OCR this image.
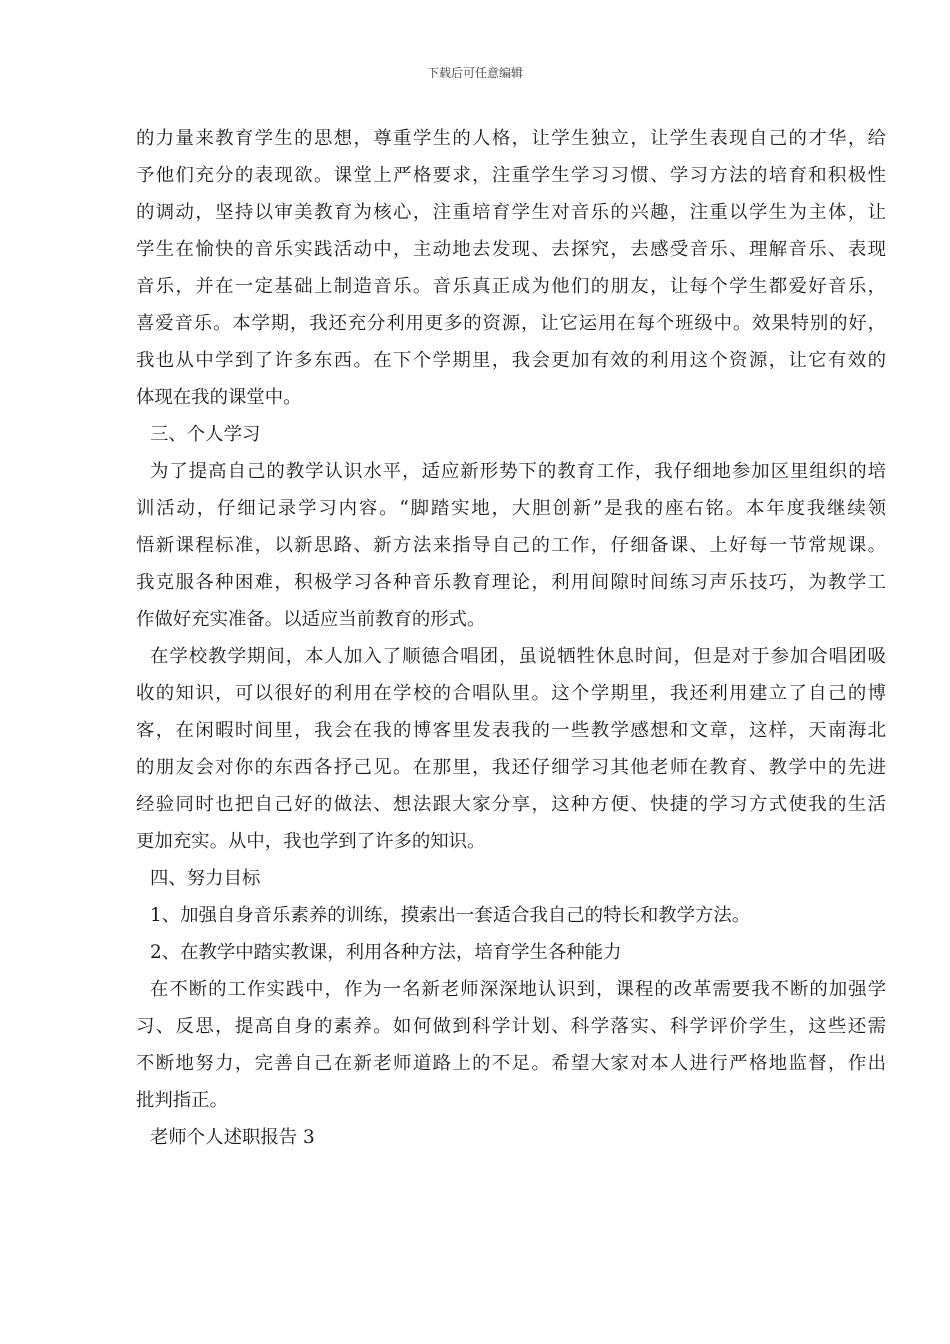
下载后可任意编辑
的力量来教育学生的思想，尊重学生的人格，让学生独立，让学生表现自己的才华，给
予他们充分的表现欲。课堂上严格要求，注重学生学习习惯、学习方法的培育和积极性
的调动，坚持以审美教育为核心，注重培育学生对音乐的兴趣，注重以学生为主体，让
学生在愉快的音乐实践活动中，主动地去发现、去探究，去感受音乐、理解音乐、表现
音乐，并在一定基础上制造音乐。音乐真正成为他们的朋友，让每个学生都爱好音乐，
喜爱音乐。本学期，我还充分利用更多的资源，让它运用在每个班级中。效果特别的好，
我也从中学到了许多东西。在下个学期里，我会更加有效的利用这个资源，让它有效的
体现在我的课堂中。
三、个人学习
为了提高自己的教学认识水平，适应新形势下的教育工作，我仔细地参加区里组织的培
训活动，仔细记录学习内容。“脚踏实地，大胆创新”是我的座右铭。本年度我继续领
悟新课程标准，以新思路、新方法来指导自己的工作，仔细备课、上好每一节常规课。
我克服各种困难，积极学习各种音乐教育理论，利用间隙时间练习声乐技巧，为教学工
作做好充实准备。以适应当前教育的形式。
在学校教学期间，本人加入了顺德合唱团，虽说牺牲休息时间，但是对于参加合唱团吸
收的知识，可以很好的利用在学校的合唱队里。这个学期里，我还利用建立了自己的博
客，在闲暇时间里，我会在我的博客里发表我的一些教学感想和文章，这样，天南海北
的朋友会对你的东西各抒己见。在那里，我还仔细学习其他老师在教育、教学中的先进
经验同时也把自己好的做法、想法跟大家分享，这种方便、快捷的学习方式使我的生活
更加充实。从中，我也学到了许多的知识。
四、努力目标
1、加强自身音乐素养的训练，摸索出一套适合我自己的特长和教学方法。
2、在教学中踏实教课，利用各种方法，培育学生各种能力
在不断的工作实践中，作为一名新老师深深地认识到，课程的改革需要我不断的加强学
习、反思，提高自身的素养。如何做到科学计划、科学落实、科学评价学生，这些还需
不断地努力，完善自己在新老师道路上的不足。希望大家对本人进行严格地监督，作出
批判指正。
老师个人述职报告 3
